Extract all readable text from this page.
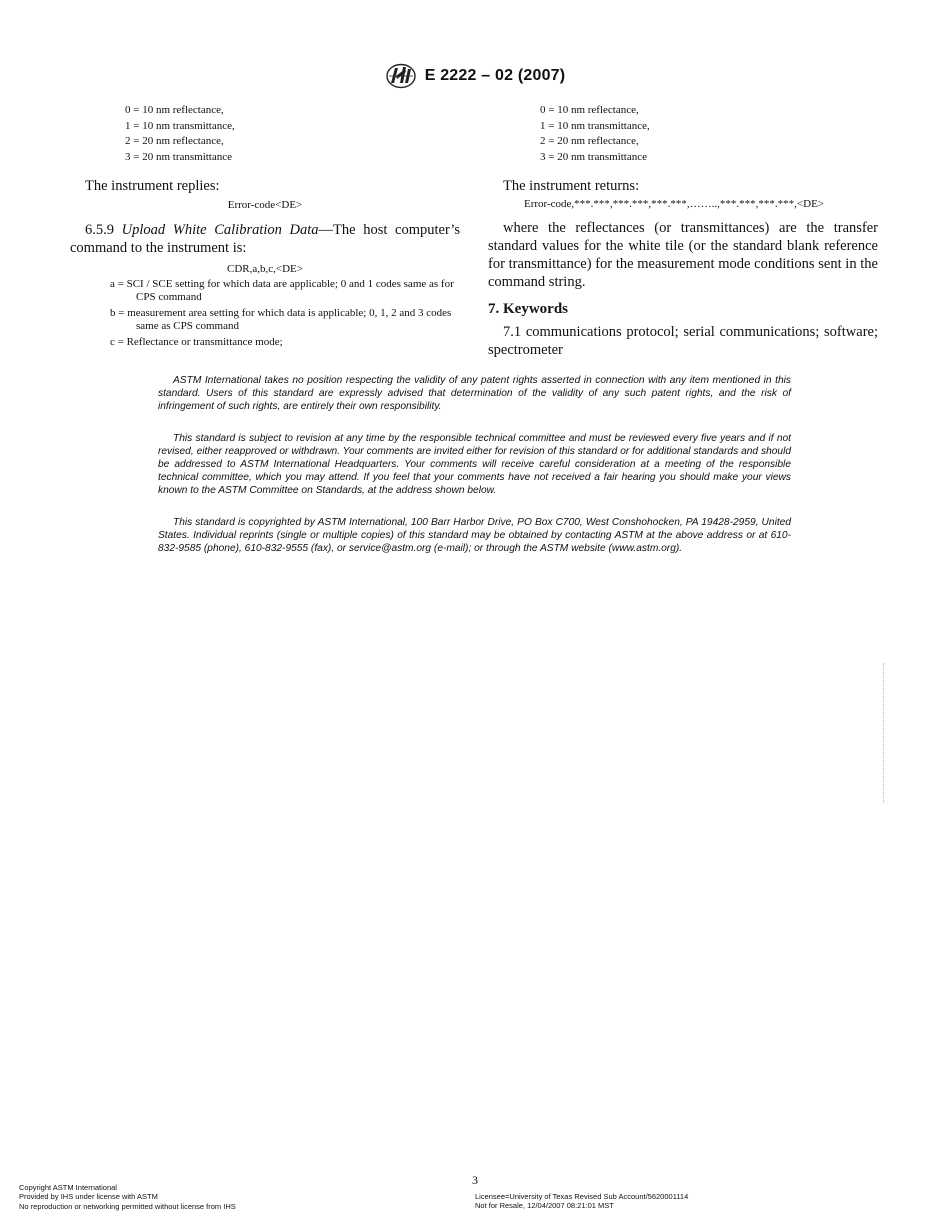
E 2222 – 02 (2007)
0 = 10 nm reflectance,
1 = 10 nm transmittance,
2 = 20 nm reflectance,
3 = 20 nm transmittance
The instrument replies:
Error-code<DE>

6.5.9 Upload White Calibration Data—The host computer’s command to the instrument is:

CDR,a,b,c,<DE>
a = SCI / SCE setting for which data are applicable; 0 and 1 codes same as for CPS command
b = measurement area setting for which data is applicable; 0, 1, 2 and 3 codes same as CPS command
c = Reflectance or transmittance mode;
0 = 10 nm reflectance,
1 = 10 nm transmittance,
2 = 20 nm reflectance,
3 = 20 nm transmittance
The instrument returns:
Error-code,***.***,***.***,***.***,……..,***.***,***.***,<DE>

where the reflectances (or transmittances) are the transfer standard values for the white tile (or the standard blank reference for transmittance) for the measurement mode conditions sent in the command string.

7. Keywords

7.1 communications protocol; serial communications; software; spectrometer

ASTM International takes no position respecting the validity of any patent rights asserted in connection with any item mentioned in this standard. Users of this standard are expressly advised that determination of the validity of any such patent rights, and the risk of infringement of such rights, are entirely their own responsibility.

This standard is subject to revision at any time by the responsible technical committee and must be reviewed every five years and if not revised, either reapproved or withdrawn. Your comments are invited either for revision of this standard or for additional standards and should be addressed to ASTM International Headquarters. Your comments will receive careful consideration at a meeting of the responsible technical committee, which you may attend. If you feel that your comments have not received a fair hearing you should make your views known to the ASTM Committee on Standards, at the address shown below.

This standard is copyrighted by ASTM International, 100 Barr Harbor Drive, PO Box C700, West Conshohocken, PA 19428-2959, United States. Individual reprints (single or multiple copies) of this standard may be obtained by contacting ASTM at the above address or at 610-832-9585 (phone), 610-832-9555 (fax), or service@astm.org (e-mail); or through the ASTM website (www.astm.org).

3
Copyright ASTM International
Provided by IHS under license with ASTM
No reproduction or networking permitted without license from IHS
Licensee=University of Texas Revised Sub Account/5620001114
Not for Resale, 12/04/2007 08:21:01 MST
